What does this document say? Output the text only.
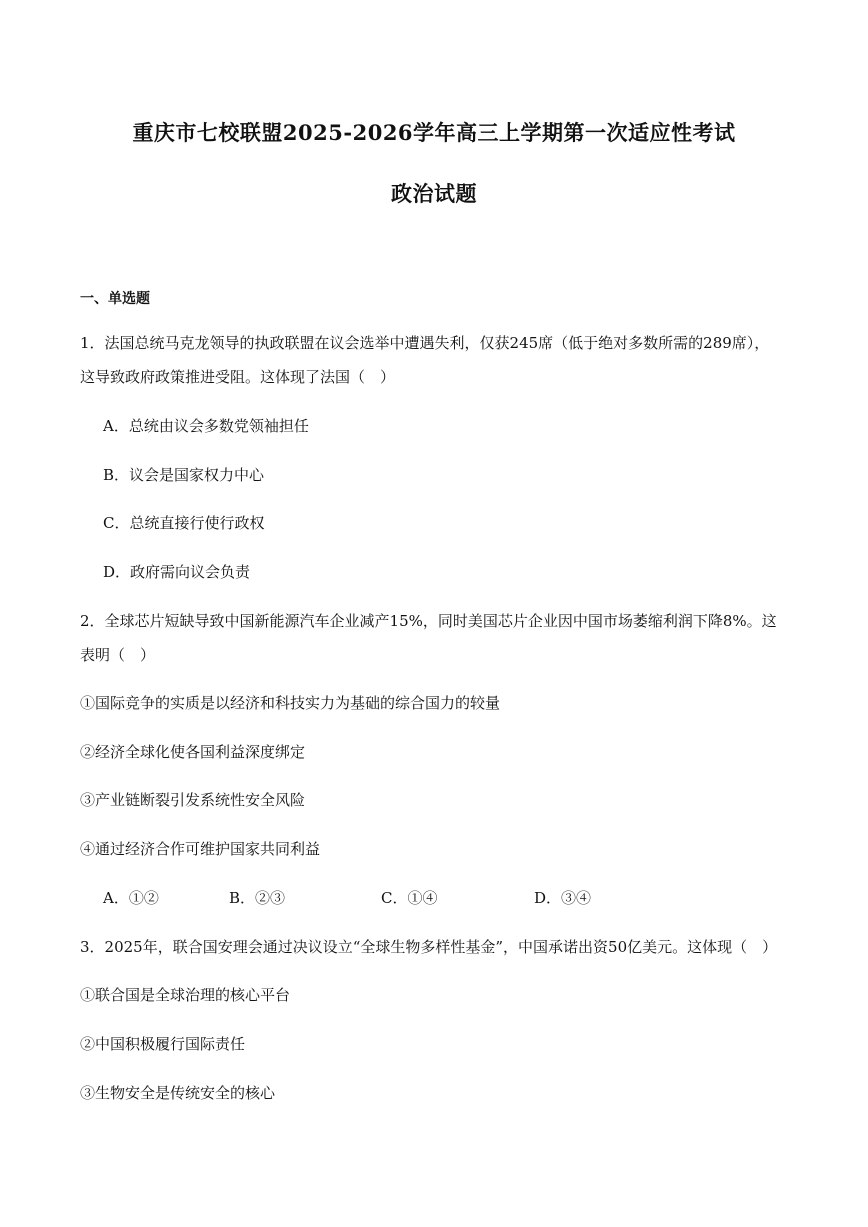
重庆市七校联盟2025-2026学年高三上学期第一次适应性考试
政治试题
一、单选题
1．法国总统马克龙领导的执政联盟在议会选举中遭遇失利，仅获245席（低于绝对多数所需的289席），
这导致政府政策推进受阻。这体现了法国（　）
A．总统由议会多数党领袖担任
B．议会是国家权力中心
C．总统直接行使行政权
D．政府需向议会负责
2．全球芯片短缺导致中国新能源汽车企业减产15%，同时美国芯片企业因中国市场萎缩利润下降8%。这
表明（　）
①国际竞争的实质是以经济和科技实力为基础的综合国力的较量
②经济全球化使各国利益深度绑定
③产业链断裂引发系统性安全风险
④通过经济合作可维护国家共同利益
A．①②	B．②③	C．①④	D．③④
3．2025年，联合国安理会通过决议设立“全球生物多样性基金”，中国承诺出资50亿美元。这体现（　）
①联合国是全球治理的核心平台
②中国积极履行国际责任
③生物安全是传统安全的核心
